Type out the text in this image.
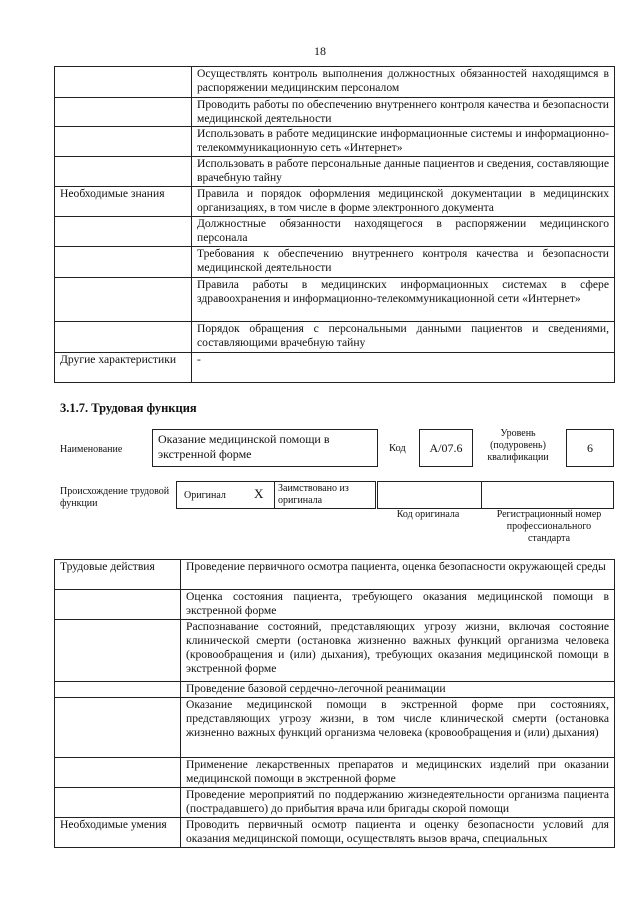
18
	Осуществлять контроль выполнения должностных обязанностей находящимся в распоряжении медицинским персоналом
	Проводить работы по обеспечению внутреннего контроля качества и безопасности медицинской деятельности
	Использовать в работе медицинские информационные системы и информационно-телекоммуникационную сеть «Интернет»
	Использовать в работе персональные данные пациентов и сведения, составляющие врачебную тайну
Необходимые знания	Правила и порядок оформления медицинской документации в медицинских организациях, в том числе в форме электронного документа
	Должностные обязанности находящегося в распоряжении медицинского персонала
	Требования к обеспечению внутреннего контроля качества и безопасности медицинской деятельности
	Правила работы в медицинских информационных системах в сфере здравоохранения и информационно-телекоммуникационной сети «Интернет»
	Порядок обращения с персональными данными пациентов и сведениями, составляющими врачебную тайну
Другие характеристики	-
3.1.7. Трудовая функция
Наименование
Оказание медицинской помощи в экстренной форме	Код	А/07.6
Уровень (подуровень) квалификации
6
Происхождение трудовой функции
Оригинал X Заимствовано из оригинала
Код оригинала	Регистрационный номер профессионального стандарта
Трудовые действия	Проведение первичного осмотра пациента, оценка безопасности окружающей среды
	Оценка состояния пациента, требующего оказания медицинской помощи в экстренной форме
	Распознавание состояний, представляющих угрозу жизни, включая состояние клинической смерти (остановка жизненно важных функций организма человека (кровообращения и (или) дыхания), требующих оказания медицинской помощи в экстренной форме
	Проведение базовой сердечно-легочной реанимации
	Оказание медицинской помощи в экстренной форме при состояниях, представляющих угрозу жизни, в том числе клинической смерти (остановка жизненно важных функций организма человека (кровообращения и (или) дыхания)
	Применение лекарственных препаратов и медицинских изделий при оказании медицинской помощи в экстренной форме
	Проведение мероприятий по поддержанию жизнедеятельности организма пациента (пострадавшего) до прибытия врача или бригады скорой помощи
Необходимые умения	Проводить первичный осмотр пациента и оценку безопасности условий для оказания медицинской помощи, осуществлять вызов врача, специальных
